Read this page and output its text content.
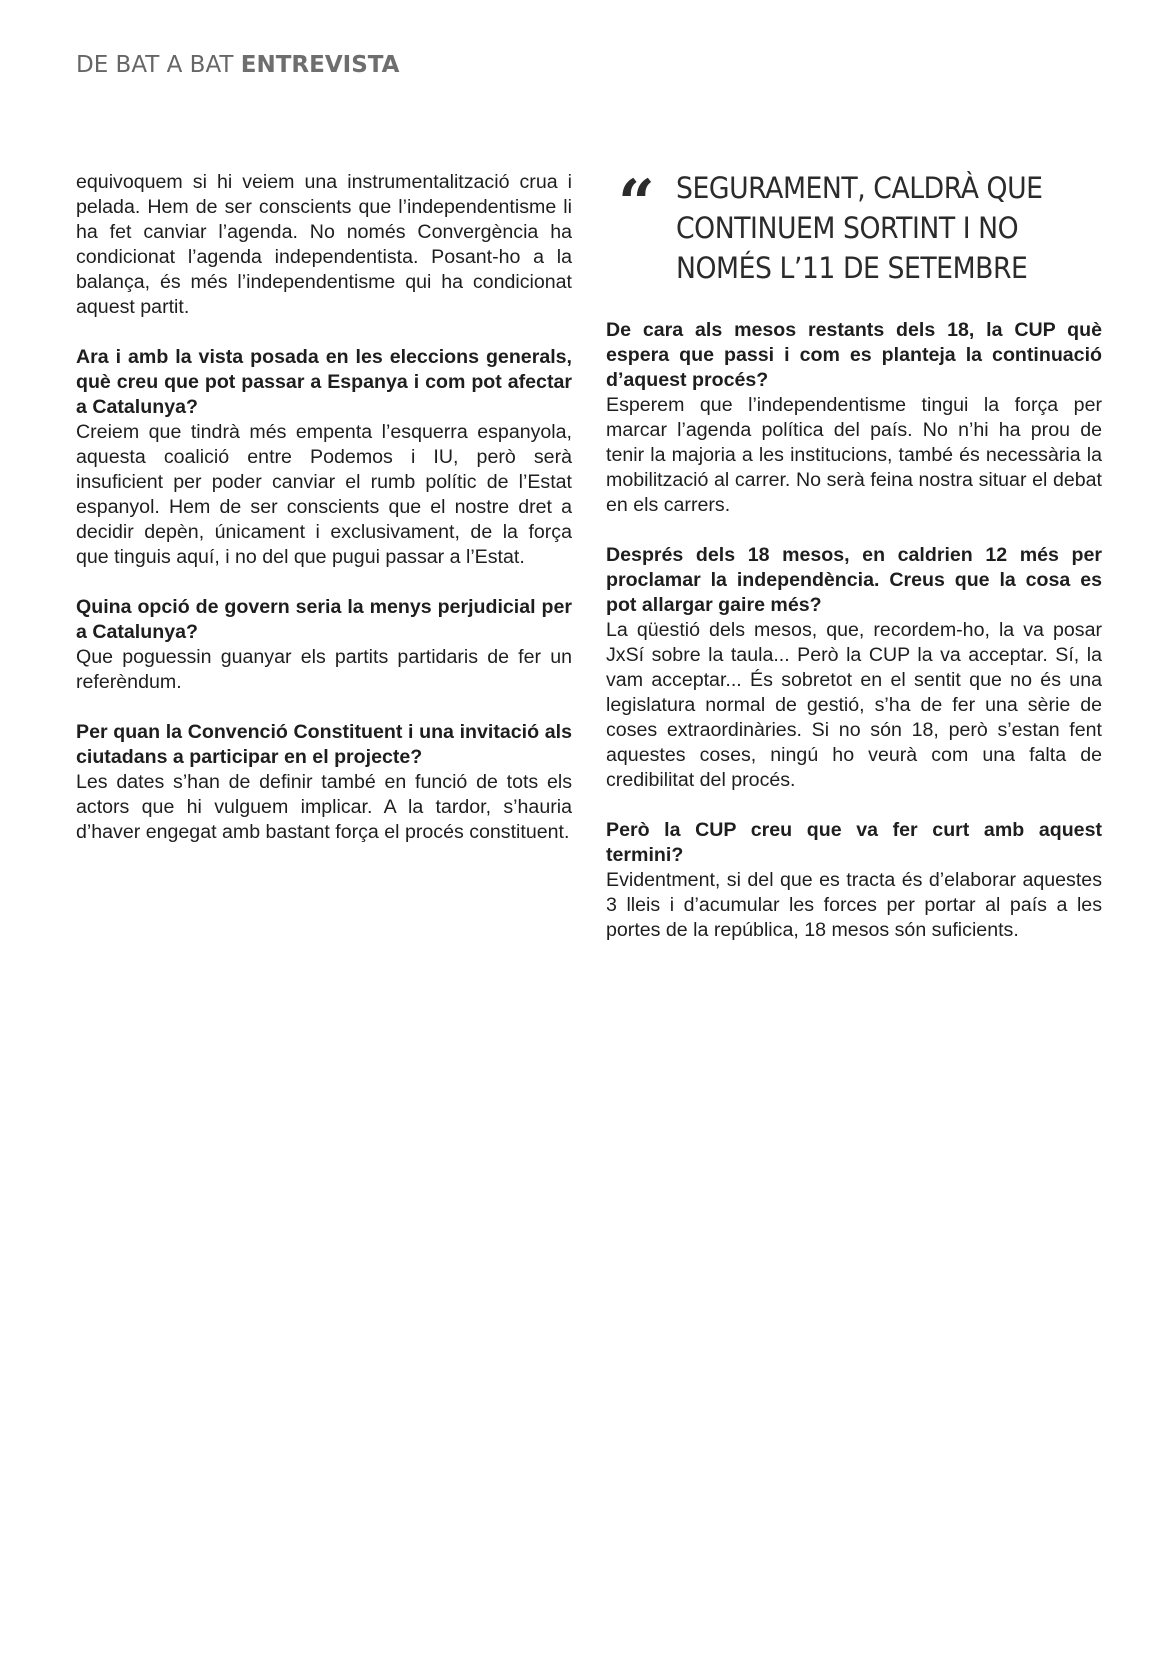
DE BAT A BAT ENTREVISTA

equivoquem si hi veiem una instrumentalització crua i pelada. Hem de ser conscients que l’independentisme li ha fet canviar l’agenda. No només Convergència ha condicionat l’agenda independentista. Posant-ho a la balança, és més l’independentisme qui ha condicionat aquest partit.

Ara i amb la vista posada en les eleccions generals, què creu que pot passar a Espanya i com pot afectar a Catalunya?

Creiem que tindrà més empenta l’esquerra espanyola, aquesta coalició entre Podemos i IU, però serà insuficient per poder canviar el rumb polític de l’Estat espanyol. Hem de ser conscients que el nostre dret a decidir depèn, únicament i exclusivament, de la força que tinguis aquí, i no del que pugui passar a l’Estat.

Quina opció de govern seria la menys perjudicial per a Catalunya?

Que poguessin guanyar els partits partidaris de fer un referèndum.

Per quan la Convenció Constituent i una invitació als ciutadans a participar en el projecte?

Les dates s’han de definir també en funció de tots els actors que hi vulguem implicar. A la tardor, s’hauria d’haver engegat amb bastant força el procés constituent.

“ SEGURAMENT, CALDRÀ QUE
CONTINUEM SORTINT I NO
NOMÉS L’11 DE SETEMBRE

De cara als mesos restants dels 18, la CUP què espera que passi i com es planteja la continuació d’aquest procés?

Esperem que l’independentisme tingui la força per marcar l’agenda política del país. No n’hi ha prou de tenir la majoria a les institucions, també és necessària la mobilització al carrer. No serà feina nostra situar el debat en els carrers.

Després dels 18 mesos, en caldrien 12 més per proclamar la independència. Creus que la cosa es pot allargar gaire més?

La qüestió dels mesos, que, recordem-ho, la va posar JxSí sobre la taula... Però la CUP la va acceptar. Sí, la vam acceptar... És sobretot en el sentit que no és una legislatura normal de gestió, s’ha de fer una sèrie de coses extraordinàries. Si no són 18, però s’estan fent aquestes coses, ningú ho veurà com una falta de credibilitat del procés.

Però la CUP creu que va fer curt amb aquest termini?

Evidentment, si del que es tracta és d’elaborar aquestes 3 lleis i d’acumular les forces per portar al país a les portes de la república, 18 mesos són suficients.
